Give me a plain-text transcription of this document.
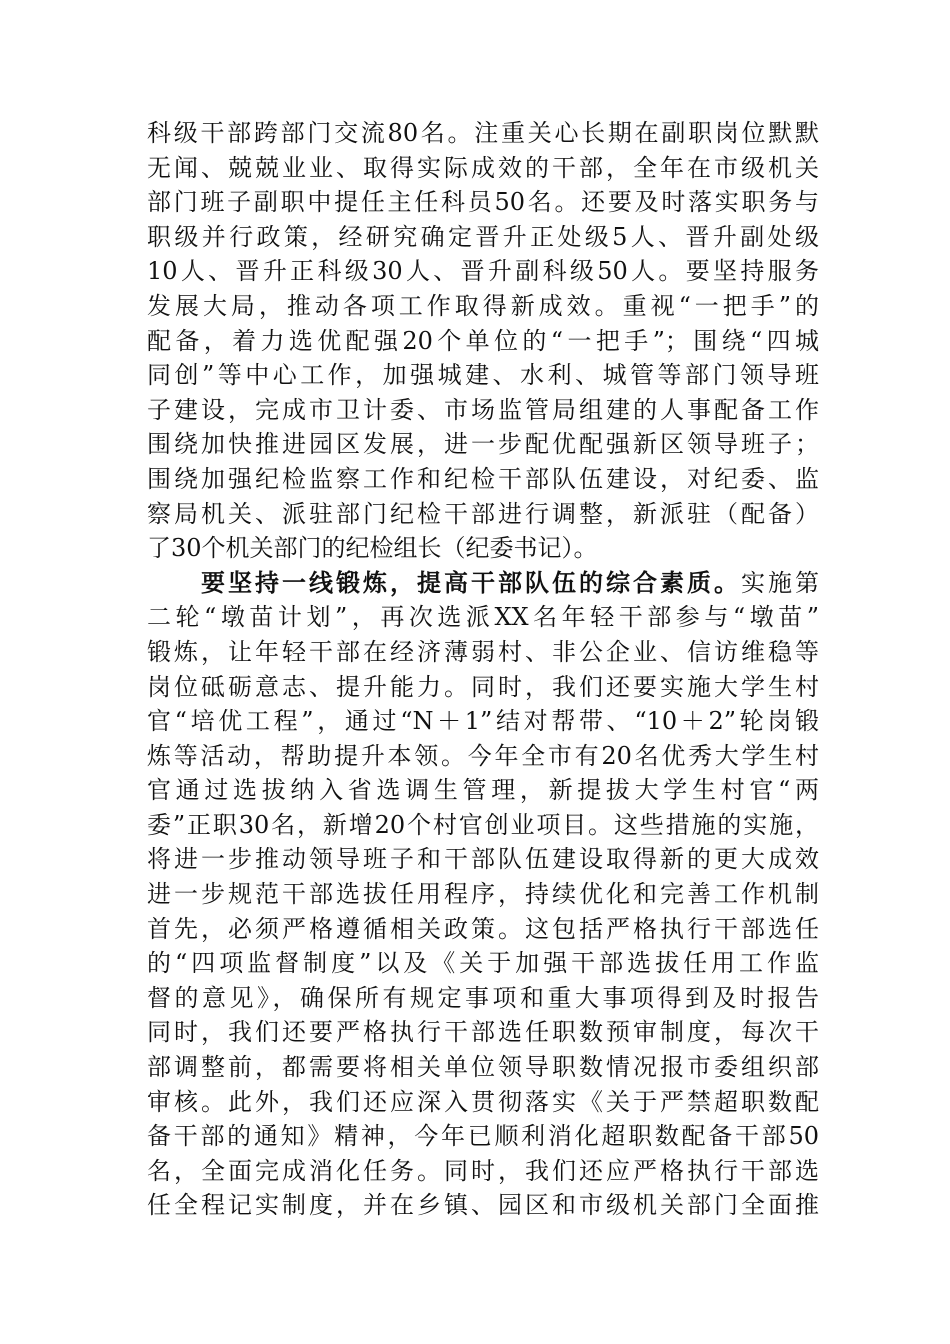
科级干部跨部门交流80名。注重关心长期在副职岗位默默
无闻、兢兢业业、取得实际成效的干部，全年在市级机关
部门班子副职中提任主任科员50名。还要及时落实职务与
职级并行政策，经研究确定晋升正处级5人、晋升副处级
10人、晋升正科级30人、晋升副科级50人。要坚持服务
发展大局，推动各项工作取得新成效。重视“一把手”的
配备，着力选优配强20个单位的“一把手”；围绕“四城
同创”等中心工作，加强城建、水利、城管等部门领导班
子建设，完成市卫计委、市场监管局组建的人事配备工作
围绕加快推进园区发展，进一步配优配强新区领导班子；
围绕加强纪检监察工作和纪检干部队伍建设，对纪委、监
察局机关、派驻部门纪检干部进行调整，新派驻（配备）
了30个机关部门的纪检组长（纪委书记）。
要坚持一线锻炼，提高干部队伍的综合素质。实施第
二轮“墩苗计划”，再次选派XX名年轻干部参与“墩苗”
锻炼，让年轻干部在经济薄弱村、非公企业、信访维稳等
岗位砥砺意志、提升能力。同时，我们还要实施大学生村
官“培优工程”，通过“N＋1”结对帮带、“10＋2”轮岗锻
炼等活动，帮助提升本领。今年全市有20名优秀大学生村
官通过选拔纳入省选调生管理，新提拔大学生村官“两
委”正职30名，新增20个村官创业项目。这些措施的实施，
将进一步推动领导班子和干部队伍建设取得新的更大成效
进一步规范干部选拔任用程序，持续优化和完善工作机制
首先，必须严格遵循相关政策。这包括严格执行干部选任
的“四项监督制度”以及《关于加强干部选拔任用工作监
督的意见》，确保所有规定事项和重大事项得到及时报告
同时，我们还要严格执行干部选任职数预审制度，每次干
部调整前，都需要将相关单位领导职数情况报市委组织部
审核。此外，我们还应深入贯彻落实《关于严禁超职数配
备干部的通知》精神，今年已顺利消化超职数配备干部50
名，全面完成消化任务。同时，我们还应严格执行干部选
任全程记实制度，并在乡镇、园区和市级机关部门全面推
